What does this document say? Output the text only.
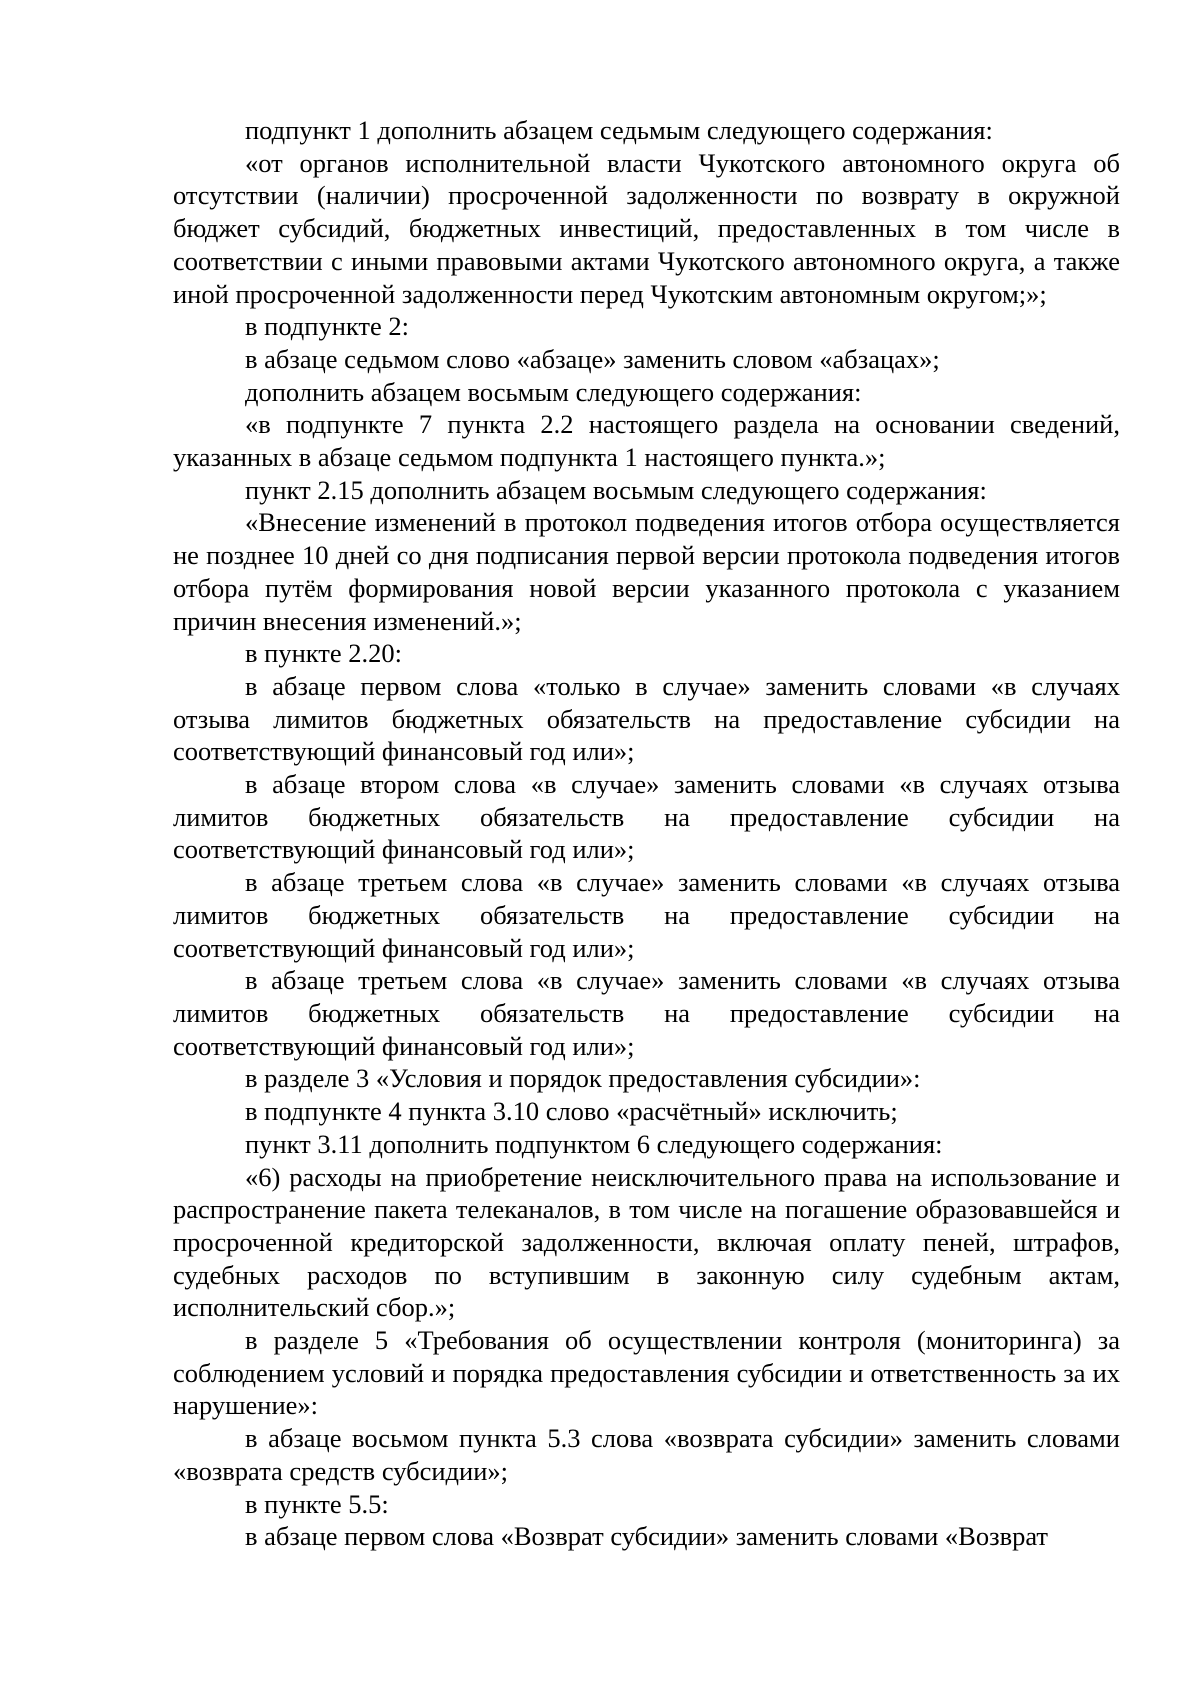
подпункт 1 дополнить абзацем седьмым следующего содержания:

«от органов исполнительной власти Чукотского автономного округа об отсутствии (наличии) просроченной задолженности по возврату в окружной бюджет субсидий, бюджетных инвестиций, предоставленных в том числе в соответствии с иными правовыми актами Чукотского автономного округа, а также иной просроченной задолженности перед Чукотским автономным округом;»;

в подпункте 2:

в абзаце седьмом слово «абзаце» заменить словом «абзацах»;

дополнить абзацем восьмым следующего содержания:

«в подпункте 7 пункта 2.2 настоящего раздела на основании сведений, указанных в абзаце седьмом подпункта 1 настоящего пункта.»;

пункт 2.15 дополнить абзацем восьмым следующего содержания:

«Внесение изменений в протокол подведения итогов отбора осуществляется не позднее 10 дней со дня подписания первой версии протокола подведения итогов отбора путём формирования новой версии указанного протокола с указанием причин внесения изменений.»;

в пункте 2.20:

в абзаце первом слова «только в случае» заменить словами «в случаях отзыва лимитов бюджетных обязательств на предоставление субсидии на соответствующий финансовый год или»;

в абзаце втором слова «в случае» заменить словами «в случаях отзыва лимитов бюджетных обязательств на предоставление субсидии на соответствующий финансовый год или»;

в абзаце третьем слова «в случае» заменить словами «в случаях отзыва лимитов бюджетных обязательств на предоставление субсидии на соответствующий финансовый год или»;

в абзаце третьем слова «в случае» заменить словами «в случаях отзыва лимитов бюджетных обязательств на предоставление субсидии на соответствующий финансовый год или»;

в разделе 3 «Условия и порядок предоставления субсидии»:

в подпункте 4 пункта 3.10 слово «расчётный» исключить;

пункт 3.11 дополнить подпунктом 6 следующего содержания:

«6) расходы на приобретение неисключительного права на использование и распространение пакета телеканалов, в том числе на погашение образовавшейся и просроченной кредиторской задолженности, включая оплату пеней, штрафов, судебных расходов по вступившим в законную силу судебным актам, исполнительский сбор.»;

в разделе 5 «Требования об осуществлении контроля (мониторинга) за соблюдением условий и порядка предоставления субсидии и ответственность за их нарушение»:

в абзаце восьмом пункта 5.3 слова «возврата субсидии» заменить словами «возврата средств субсидии»;

в пункте 5.5:

в абзаце первом слова «Возврат субсидии» заменить словами «Возврат
